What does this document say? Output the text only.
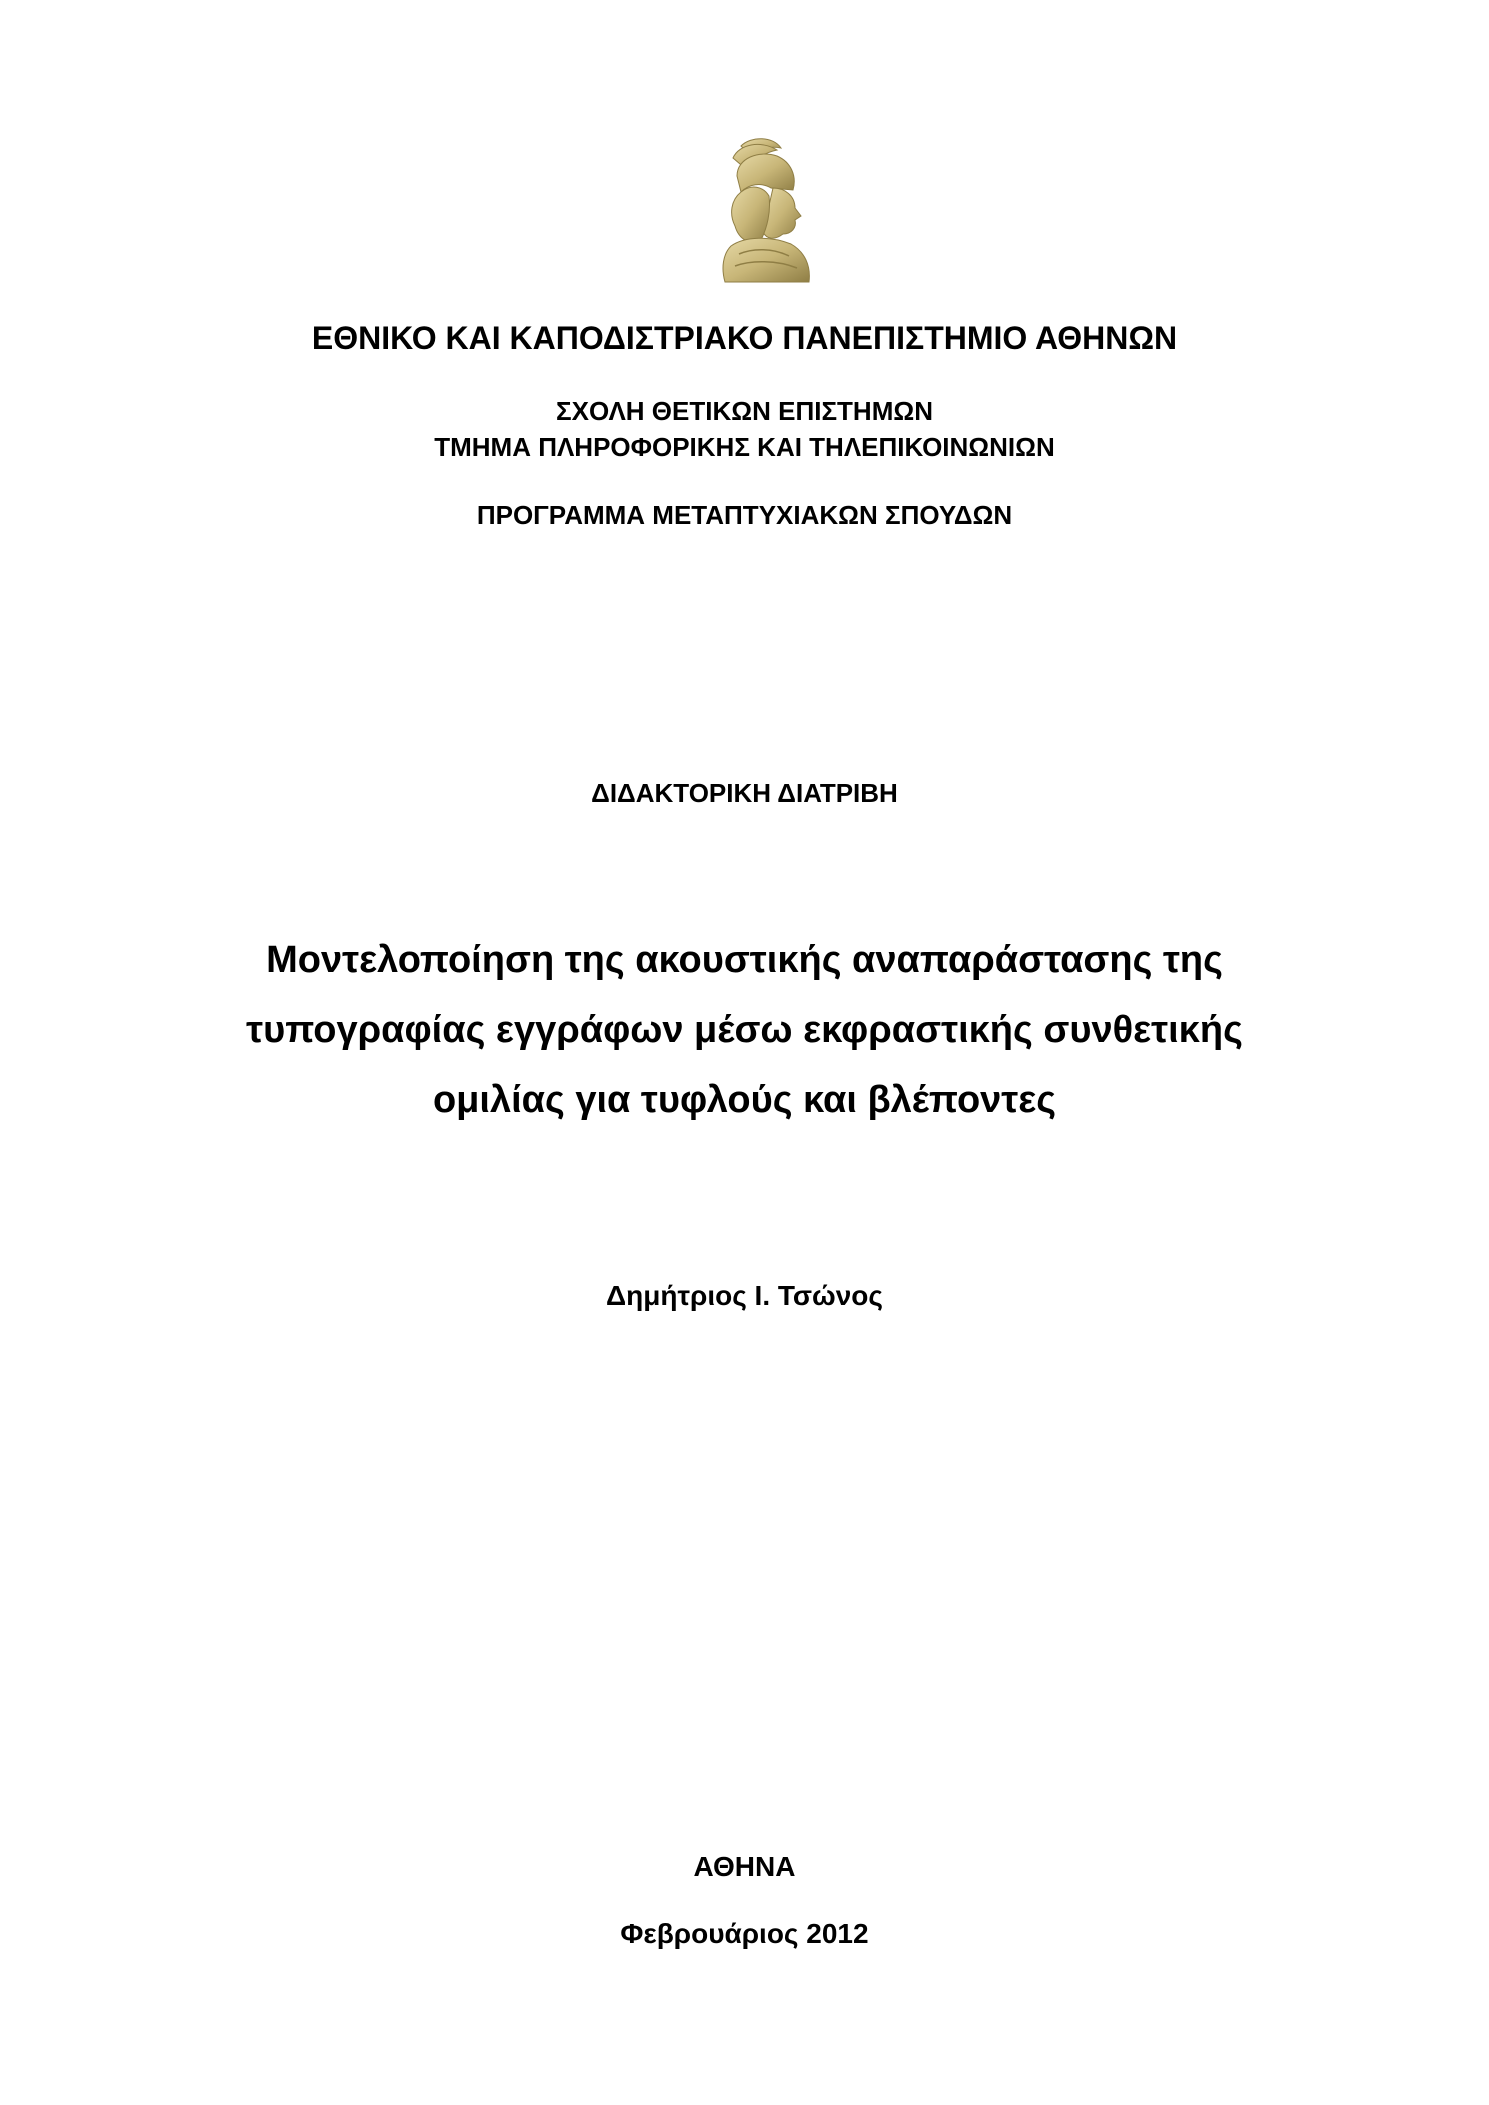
ΕΘΝΙΚΟ ΚΑΙ ΚΑΠΟΔΙΣΤΡΙΑΚΟ ΠΑΝΕΠΙΣΤΗΜΙΟ ΑΘΗΝΩΝ
ΣΧΟΛΗ ΘΕΤΙΚΩΝ ΕΠΙΣΤΗΜΩΝ
ΤΜΗΜΑ ΠΛΗΡΟΦΟΡΙΚΗΣ ΚΑΙ ΤΗΛΕΠΙΚΟΙΝΩΝΙΩΝ
ΠΡΟΓΡΑΜΜΑ ΜΕΤΑΠΤΥΧΙΑΚΩΝ ΣΠΟΥΔΩΝ
ΔΙΔΑΚΤΟΡΙΚΗ ΔΙΑΤΡΙΒΗ
Μοντελοποίηση της ακουστικής αναπαράστασης της
τυπογραφίας εγγράφων μέσω εκφραστικής συνθετικής
ομιλίας για τυφλούς και βλέποντες
Δημήτριος Ι. Τσώνος
ΑΘΗΝΑ
Φεβρουάριος 2012
